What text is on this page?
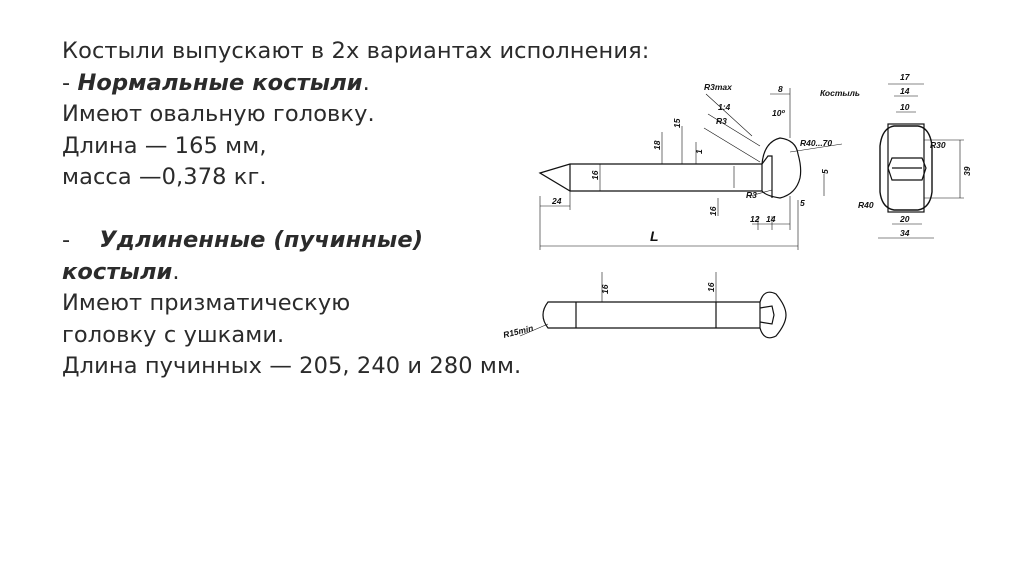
Костыли выпускают в 2х вариантах исполнения:
- Нормальные костыли.
Имеют овальную головку.
Длина — 165 мм,
масса —0,378 кг.
-    Удлиненные (пучинные)
костыли.
Имеют призматическую
головку с ушками.
Длина пучинных — 205, 240 и 280 мм.
Костыль
R3max
1:4
R3
10º
8
15
18
1
16
R40...70
5
R3
24
16
12 14
5
L
17
14
10
R30
39
R40
20
34
16	16
R15min
